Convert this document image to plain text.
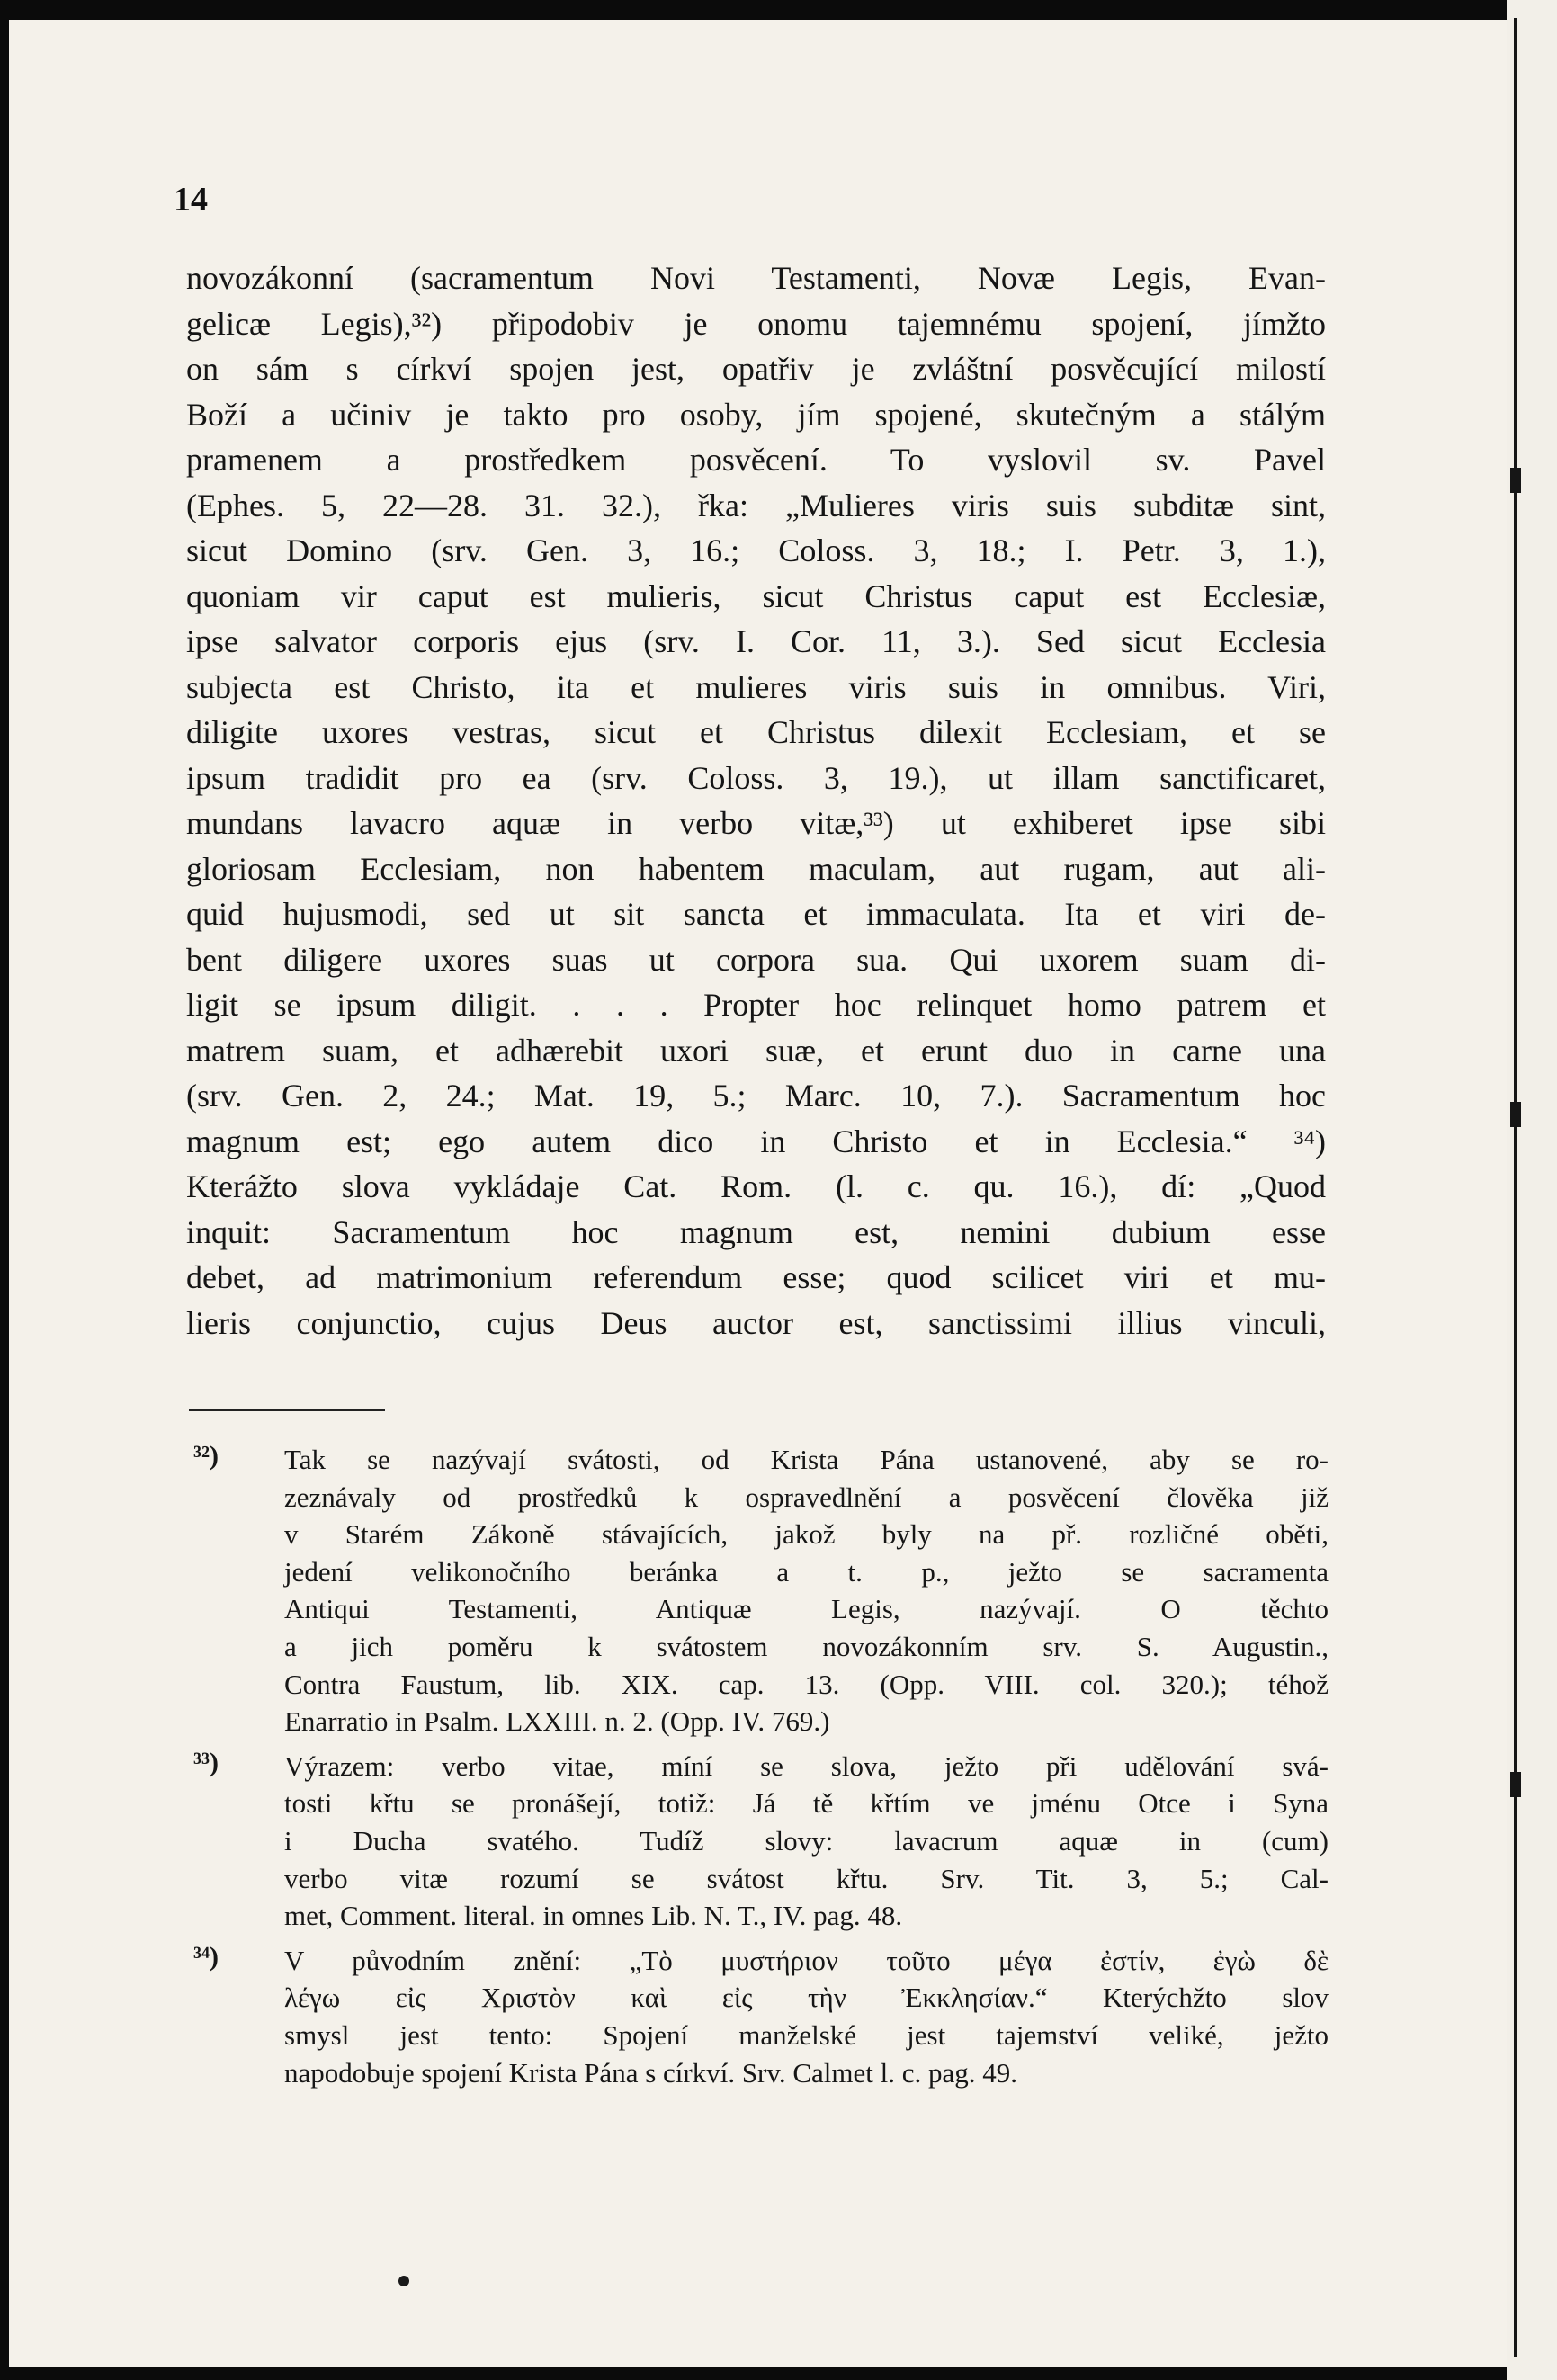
14
novozákonní (sacramentum Novi Testamenti, Novæ Legis, Evan-
gelicæ Legis),³²) připodobiv je onomu tajemnému spojení, jímžto
on sám s církví spojen jest, opatřiv je zvláštní posvěcující milostí
Boží a učiniv je takto pro osoby, jím spojené, skutečným a stálým
pramenem a prostředkem posvěcení. To vyslovil sv. Pavel
(Ephes. 5, 22—28. 31. 32.), řka: „Mulieres viris suis subditæ sint,
sicut Domino (srv. Gen. 3, 16.; Coloss. 3, 18.; I. Petr. 3, 1.),
quoniam vir caput est mulieris, sicut Christus caput est Ecclesiæ,
ipse salvator corporis ejus (srv. I. Cor. 11, 3.). Sed sicut Ecclesia
subjecta est Christo, ita et mulieres viris suis in omnibus. Viri,
diligite uxores vestras, sicut et Christus dilexit Ecclesiam, et se
ipsum tradidit pro ea (srv. Coloss. 3, 19.), ut illam sanctificaret,
mundans lavacro aquæ in verbo vitæ,³³) ut exhiberet ipse sibi
gloriosam Ecclesiam, non habentem maculam, aut rugam, aut ali-
quid hujusmodi, sed ut sit sancta et immaculata. Ita et viri de-
bent diligere uxores suas ut corpora sua. Qui uxorem suam di-
ligit se ipsum diligit. . . . Propter hoc relinquet homo patrem et
matrem suam, et adhærebit uxori suæ, et erunt duo in carne una
(srv. Gen. 2, 24.; Mat. 19, 5.; Marc. 10, 7.). Sacramentum hoc
magnum est; ego autem dico in Christo et in Ecclesia.“ ³⁴)
Kterážto slova vykládaje Cat. Rom. (l. c. qu. 16.), dí: „Quod
inquit: Sacramentum hoc magnum est, nemini dubium esse
debet, ad matrimonium referendum esse; quod scilicet viri et mu-
lieris conjunctio, cujus Deus auctor est, sanctissimi illius vinculi,
³²) Tak se nazývají svátosti, od Krista Pána ustanovené, aby se ro-
zeznávaly od prostředků k ospravedlnění a posvěcení člověka již
v Starém Zákoně stávajících, jakož byly na př. rozličné oběti,
jedení velikonočního beránka a t. p., ježto se sacramenta
Antiqui Testamenti, Antiquæ Legis, nazývají. O těchto
a jich poměru k svátostem novozákonním srv. S. Augustin.,
Contra Faustum, lib. XIX. cap. 13. (Opp. VIII. col. 320.); téhož
Enarratio in Psalm. LXXIII. n. 2. (Opp. IV. 769.)
³³) Výrazem: verbo vitae, míní se slova, ježto při udělování svá-
tosti křtu se pronášejí, totiž: Já tě křtím ve jménu Otce i Syna
i Ducha svatého. Tudíž slovy: lavacrum aquæ in (cum)
verbo vitæ rozumí se svátost křtu. Srv. Tit. 3, 5.; Cal-
met, Comment. literal. in omnes Lib. N. T., IV. pag. 48.
³⁴) V původním znění: „Τὸ μυστήριον τοῦτο μέγα ἐστίν, ἐγὼ δὲ
λέγω εἰς Χριστὸν καὶ εἰς τὴν Ἐκκλησίαν.“ Kterýchžto slov
smysl jest tento: Spojení manželské jest tajemství veliké, ježto
napodobuje spojení Krista Pána s církví. Srv. Calmet l. c. pag. 49.
